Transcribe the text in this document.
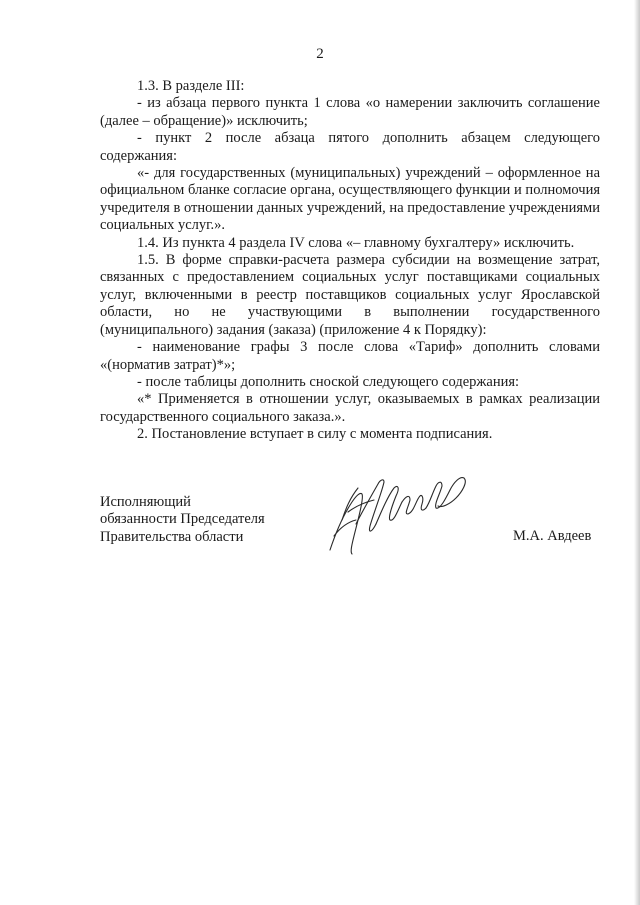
2

1.3. В разделе III:

- из абзаца первого пункта 1 слова «о намерении заключить соглашение (далее – обращение)» исключить;

- пункт 2 после абзаца пятого дополнить абзацем следующего содержания:

«- для государственных (муниципальных) учреждений – оформленное на официальном бланке согласие органа, осуществляющего функции и полномочия учредителя в отношении данных учреждений, на предоставление учреждениями социальных услуг.».

1.4. Из пункта 4 раздела IV слова «– главному бухгалтеру» исключить.

1.5. В форме справки-расчета размера субсидии на возмещение затрат, связанных с предоставлением социальных услуг поставщиками социальных услуг, включенными в реестр поставщиков социальных услуг Ярославской области, но не участвующими в выполнении государственного (муниципального) задания (заказа) (приложение 4 к Порядку):

- наименование графы 3 после слова «Тариф» дополнить словами «(норматив затрат)*»;

- после таблицы дополнить сноской следующего содержания:

«* Применяется в отношении услуг, оказываемых в рамках реализации государственного социального заказа.».

2. Постановление вступает в силу с момента подписания.

Исполняющий
обязанности Председателя
Правительства области	М.А. Авдеев
